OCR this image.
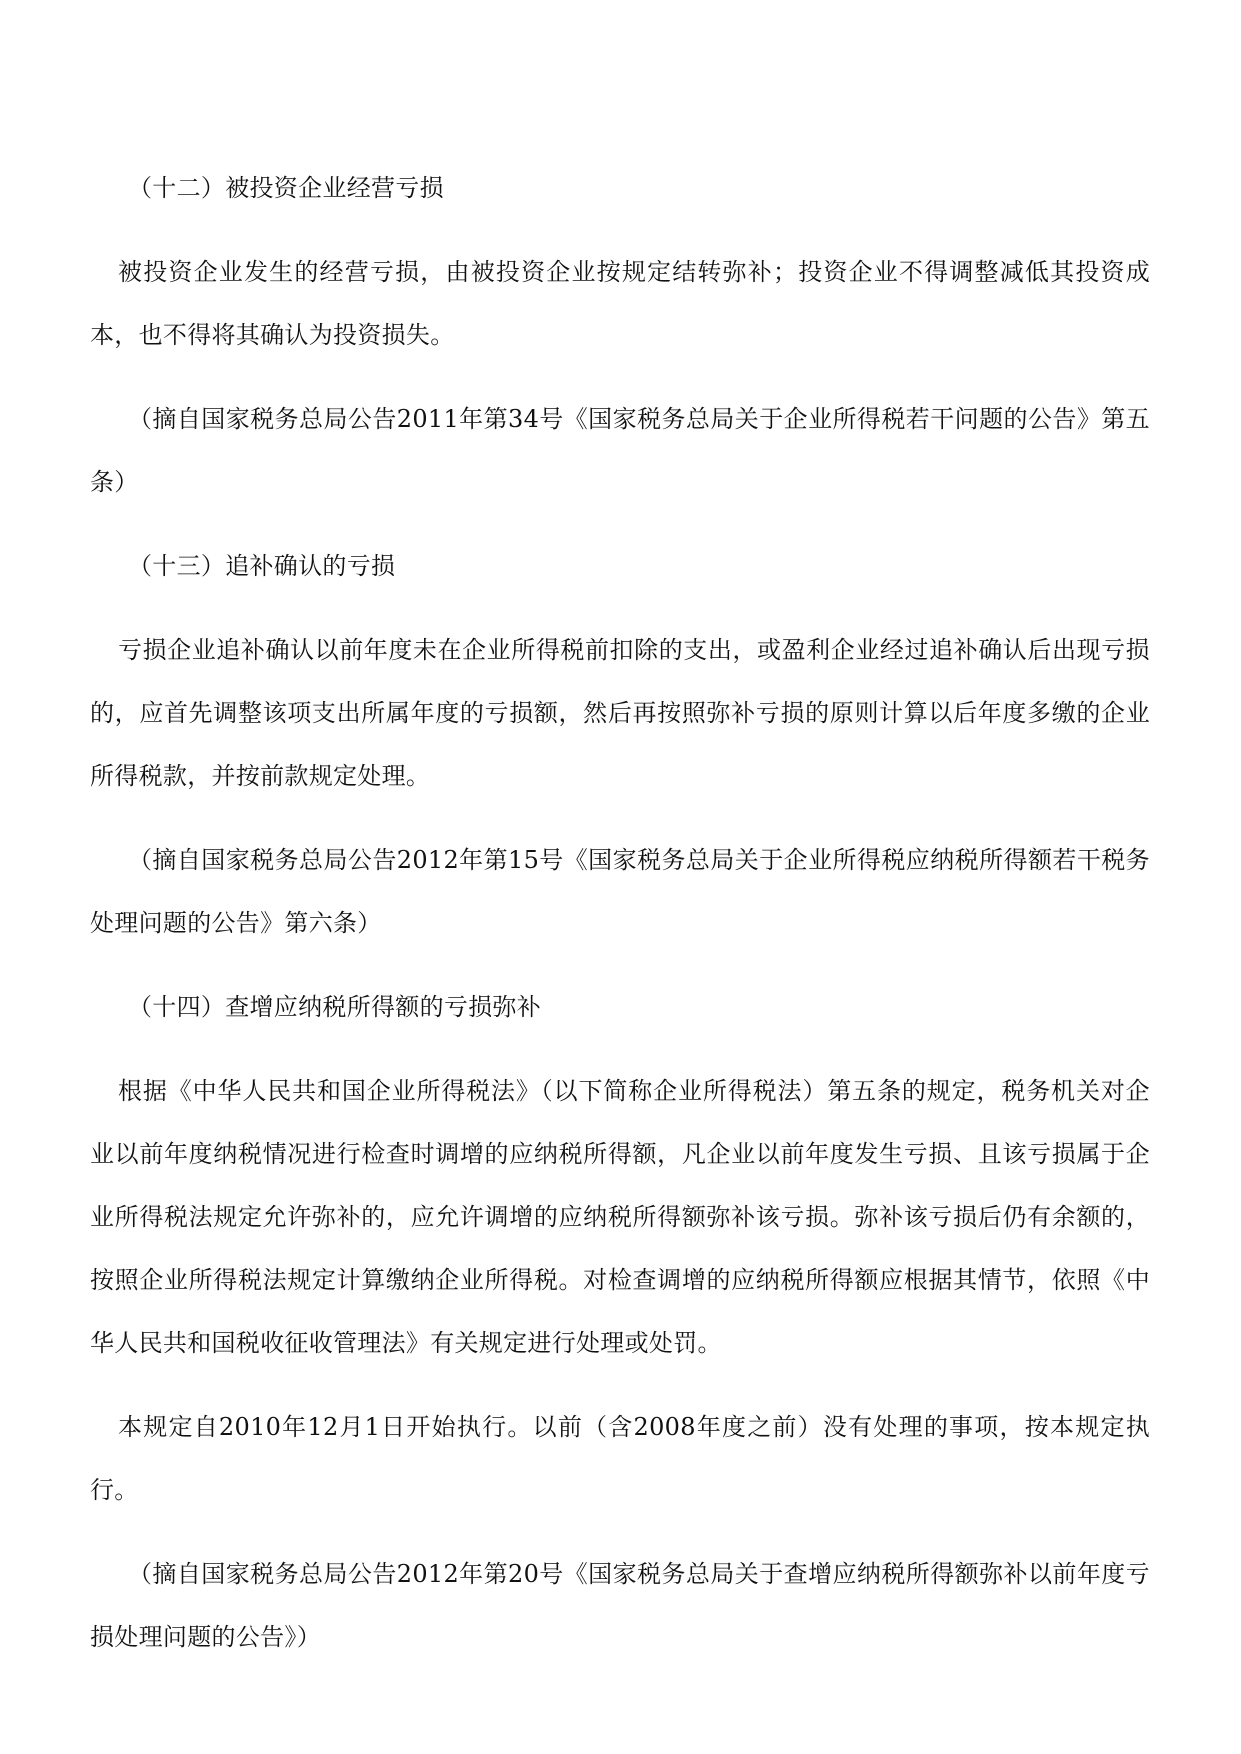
（十二）被投资企业经营亏损

被投资企业发生的经营亏损，由被投资企业按规定结转弥补；投资企业不得调整减低其投资成本，也不得将其确认为投资损失。

（摘自国家税务总局公告2011年第34号《国家税务总局关于企业所得税若干问题的公告》第五条）

（十三）追补确认的亏损

亏损企业追补确认以前年度未在企业所得税前扣除的支出，或盈利企业经过追补确认后出现亏损的，应首先调整该项支出所属年度的亏损额，然后再按照弥补亏损的原则计算以后年度多缴的企业所得税款，并按前款规定处理。

（摘自国家税务总局公告2012年第15号《国家税务总局关于企业所得税应纳税所得额若干税务处理问题的公告》第六条）

（十四）查增应纳税所得额的亏损弥补

根据《中华人民共和国企业所得税法》（以下简称企业所得税法）第五条的规定，税务机关对企业以前年度纳税情况进行检查时调增的应纳税所得额，凡企业以前年度发生亏损、且该亏损属于企业所得税法规定允许弥补的，应允许调增的应纳税所得额弥补该亏损。弥补该亏损后仍有余额的，按照企业所得税法规定计算缴纳企业所得税。对检查调增的应纳税所得额应根据其情节，依照《中华人民共和国税收征收管理法》有关规定进行处理或处罚。

本规定自2010年12月1日开始执行。以前（含2008年度之前）没有处理的事项，按本规定执行。

（摘自国家税务总局公告2012年第20号《国家税务总局关于查增应纳税所得额弥补以前年度亏损处理问题的公告》）
